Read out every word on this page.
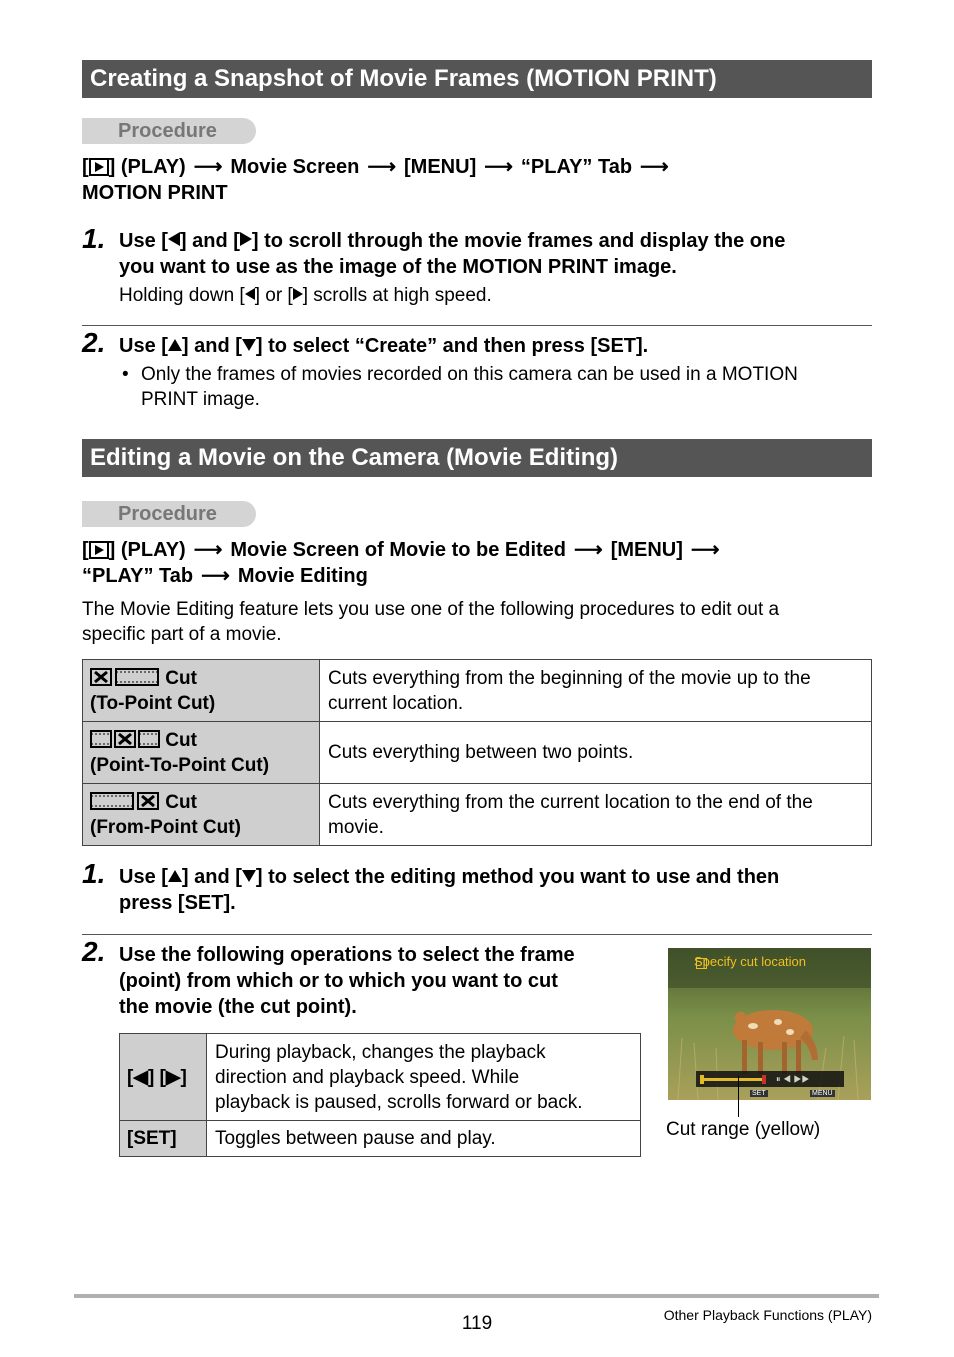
Creating a Snapshot of Movie Frames (MOTION PRINT)
Procedure
[ ] (PLAY) ⟶ Movie Screen ⟶ [MENU] ⟶ “PLAY” Tab ⟶
MOTION PRINT
1. Use [ ] and [ ] to scroll through the movie frames and display the one
you want to use as the image of the MOTION PRINT image.
Holding down [ ] or [ ] scrolls at high speed.
2. Use [ ] and [ ] to select “Create” and then press [SET].
• Only the frames of movies recorded on this camera can be used in a MOTION
PRINT image.
Editing a Movie on the Camera (Movie Editing)
Procedure
[ ] (PLAY) ⟶ Movie Screen of Movie to be Edited ⟶ [MENU] ⟶
“PLAY” Tab ⟶ Movie Editing
The Movie Editing feature lets you use one of the following procedures to edit out a
specific part of a movie.
Cut
(To-Point Cut)	Cuts everything from the beginning of the movie up to the
current location.
Cut
(Point-To-Point Cut)	Cuts everything between two points.
Cut
(From-Point Cut)	Cuts everything from the current location to the end of the
movie.
1. Use [ ] and [ ] to select the editing method you want to use and then
press [SET].
2. Use the following operations to select the frame
(point) from which or to which you want to cut
the movie (the cut point).
[◀] [▶]	During playback, changes the playback
direction and playback speed. While
playback is paused, scrolls forward or back.
[SET]	Toggles between pause and play.
Specify cut location
⏸ ◀ ▶▶
SET	MENU
Cut range (yellow)
119	Other Playback Functions (PLAY)
